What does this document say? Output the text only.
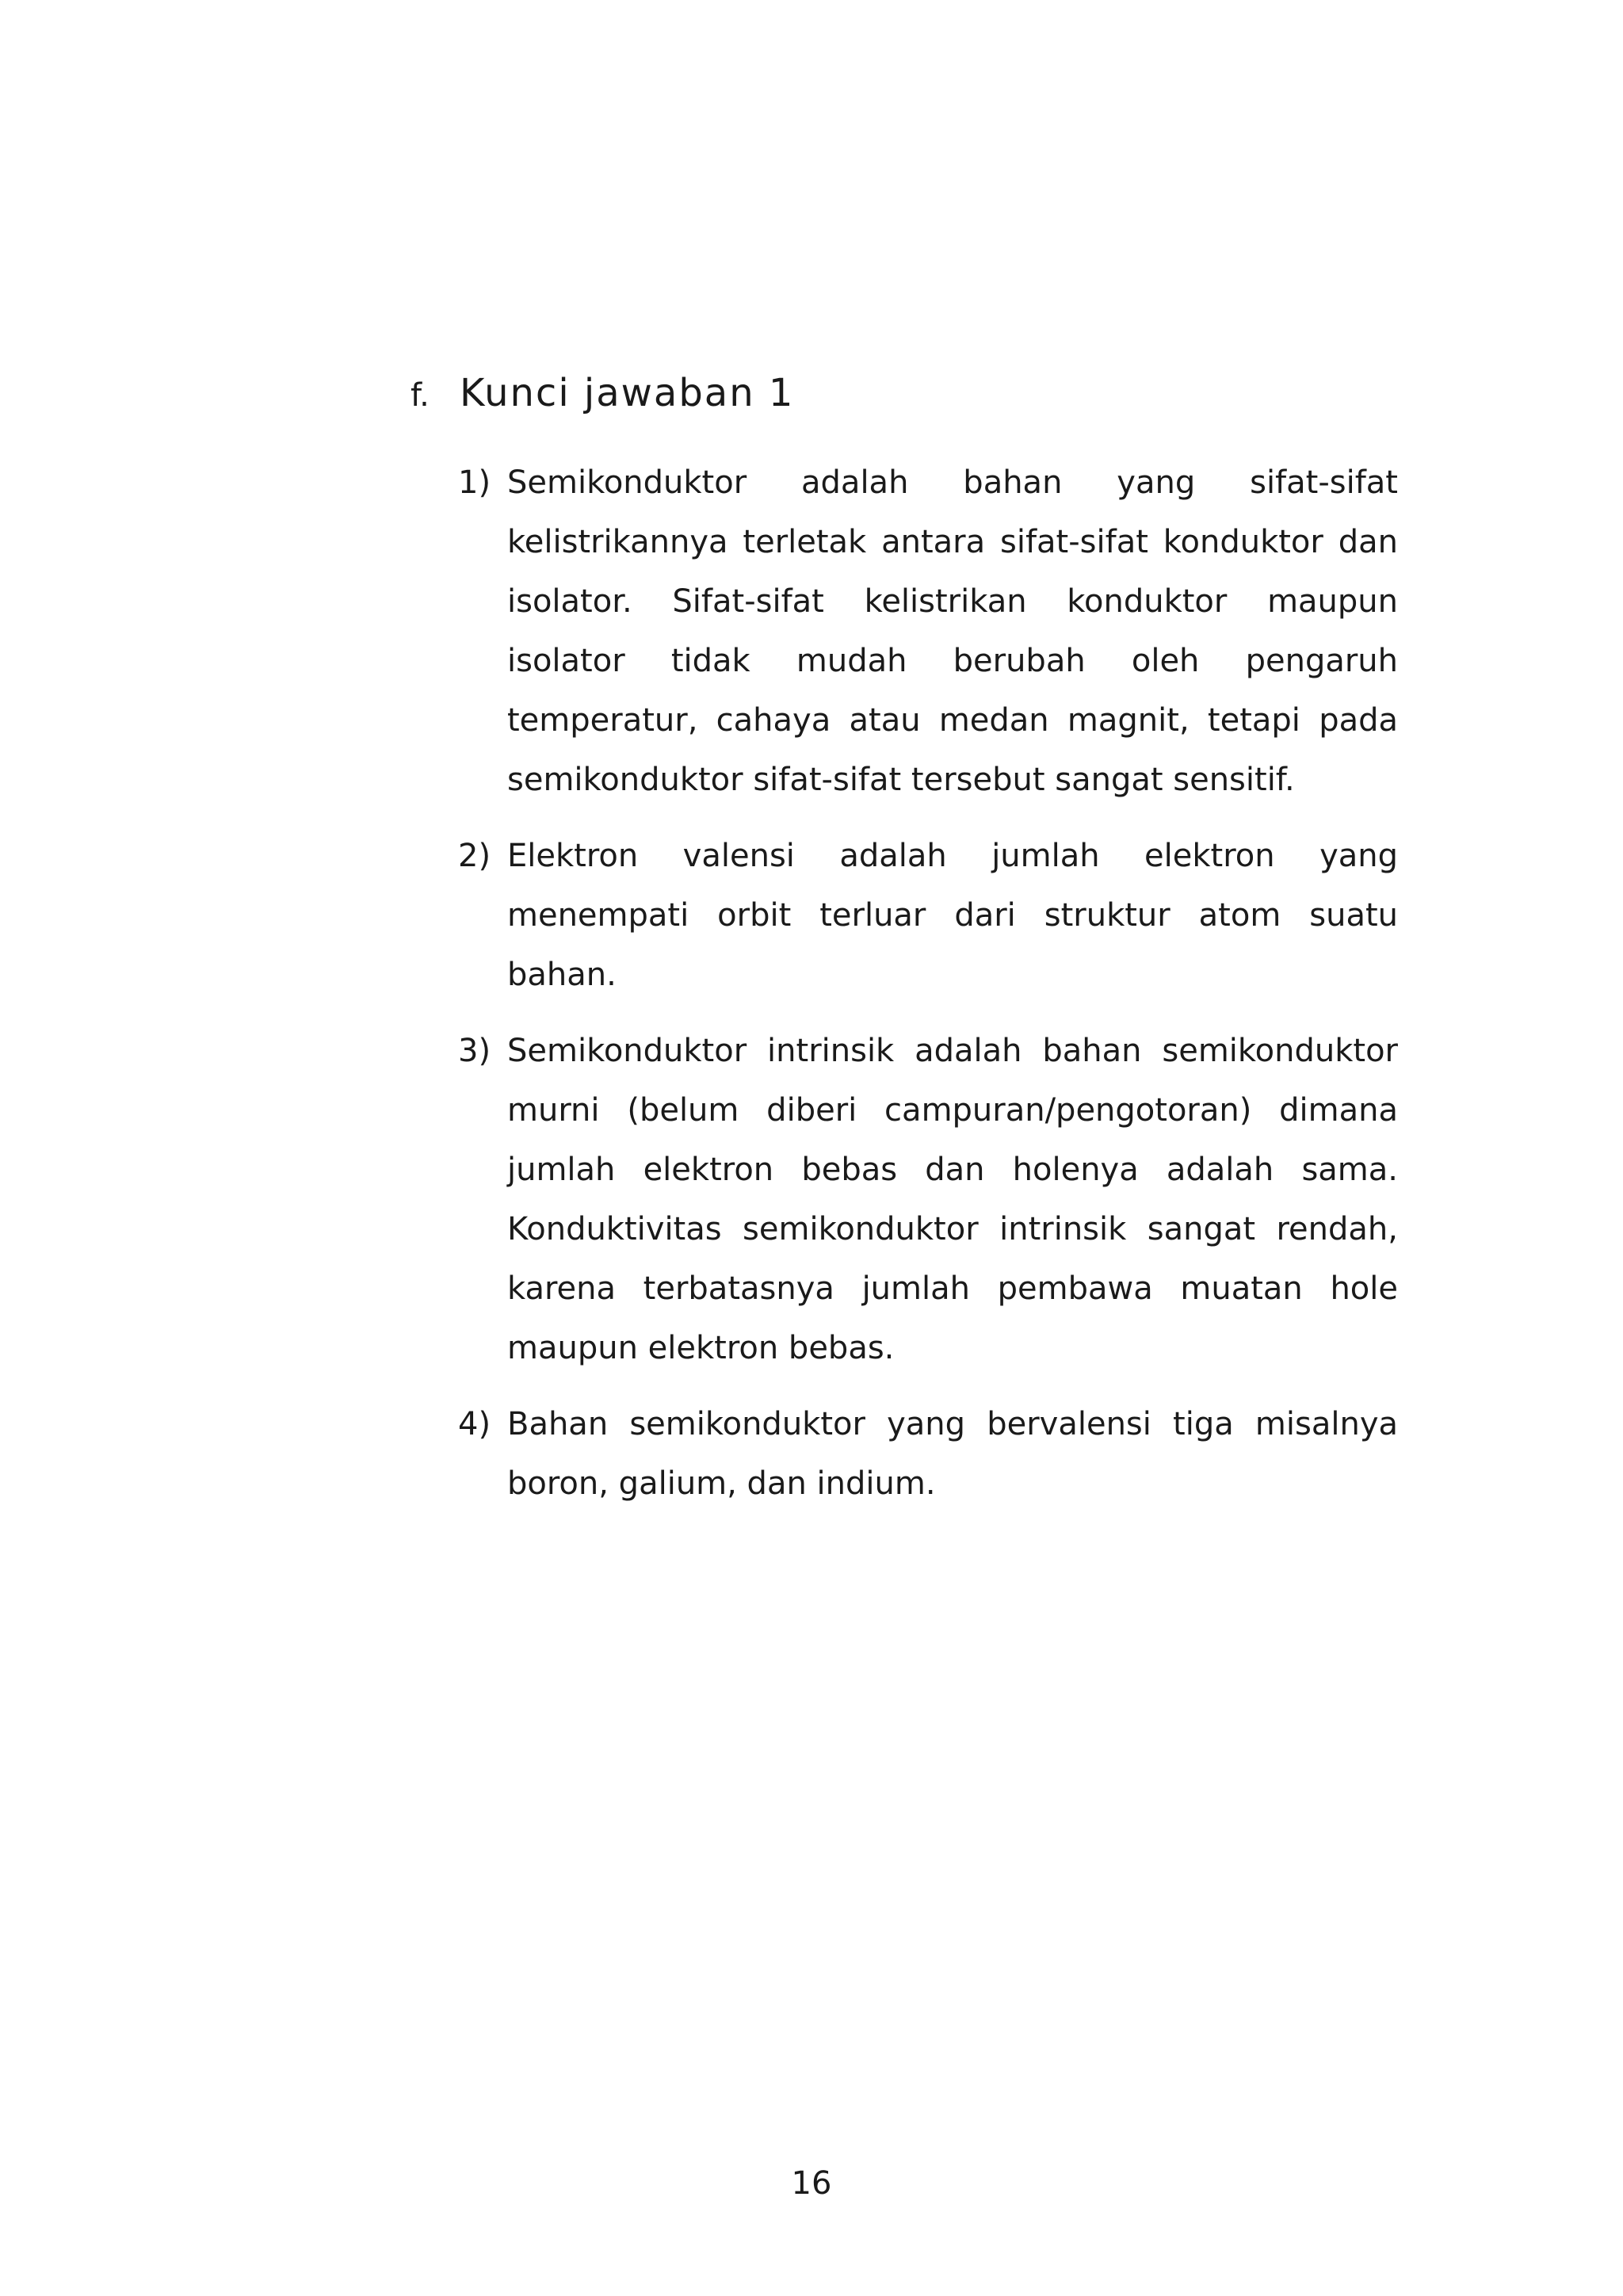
f. Kunci jawaban 1
1) Semikonduktor adalah bahan yang sifat-sifat kelistrikannya terletak antara sifat-sifat konduktor dan isolator. Sifat-sifat kelistrikan konduktor maupun isolator tidak mudah berubah oleh pengaruh temperatur, cahaya atau medan magnit, tetapi pada semikonduktor sifat-sifat tersebut sangat sensitif.

2) Elektron valensi adalah jumlah elektron yang menempati orbit terluar dari struktur atom suatu bahan.

3) Semikonduktor intrinsik adalah bahan semikonduktor murni (belum diberi campuran/pengotoran) dimana jumlah elektron bebas dan holenya adalah sama. Konduktivitas semikonduktor intrinsik sangat rendah, karena terbatasnya jumlah pembawa muatan hole maupun elektron bebas.

4) Bahan semikonduktor yang bervalensi tiga misalnya boron, galium, dan indium.

16
